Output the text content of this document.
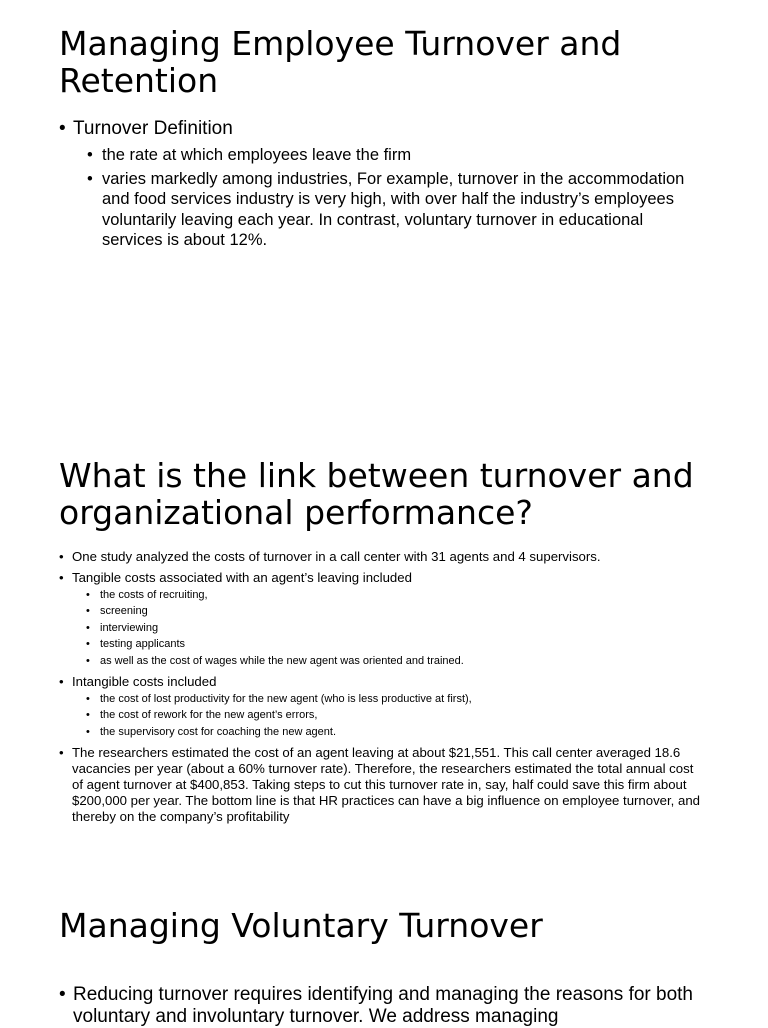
Managing Employee Turnover and Retention
• Turnover Definition
• the rate at which employees leave the firm
• varies markedly among industries, For example, turnover in the accommodation and food services industry is very high, with over half the industry’s employees voluntarily leaving each year. In contrast, voluntary turnover in educational services is about 12%.
What is the link between turnover and organizational performance?
• One study analyzed the costs of turnover in a call center with 31 agents and 4 supervisors.
• Tangible costs associated with an agent’s leaving included
• the costs of recruiting,
• screening
• interviewing
• testing applicants
• as well as the cost of wages while the new agent was oriented and trained.
• Intangible costs included
• the cost of lost productivity for the new agent (who is less productive at first),
• the cost of rework for the new agent’s errors,
• the supervisory cost for coaching the new agent.
• The researchers estimated the cost of an agent leaving at about $21,551. This call center averaged 18.6 vacancies per year (about a 60% turnover rate). Therefore, the researchers estimated the total annual cost of agent turnover at $400,853. Taking steps to cut this turnover rate in, say, half could save this firm about $200,000 per year. The bottom line is that HR practices can have a big influence on employee turnover, and thereby on the company’s profitability
Managing Voluntary Turnover
• Reducing turnover requires identifying and managing the reasons for both voluntary and involuntary turnover. We address managing
